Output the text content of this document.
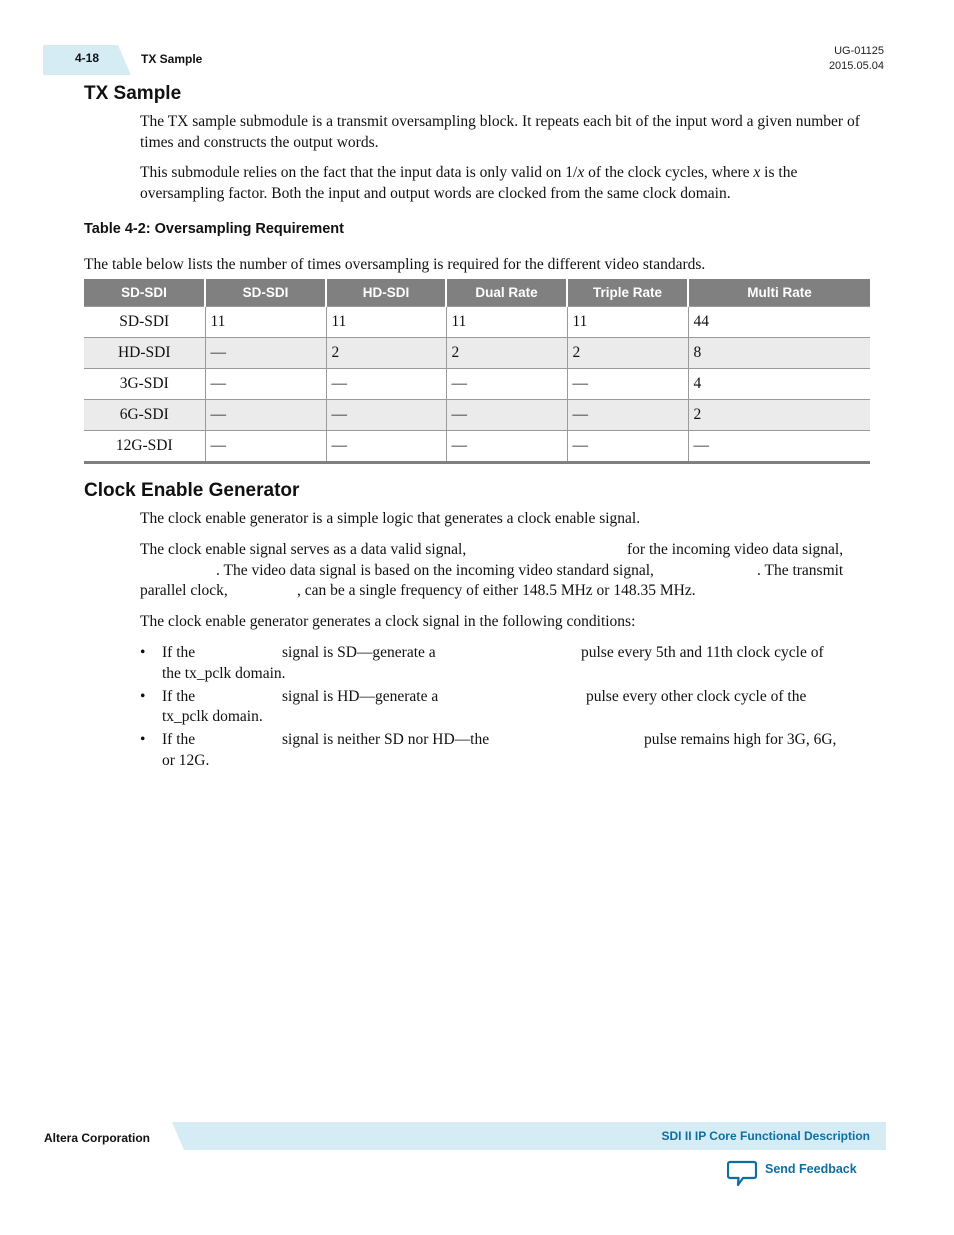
4-18	TX Sample
UG-01125
2015.05.04
TX Sample

The TX sample submodule is a transmit oversampling block. It repeats each bit of the input word a given number of times and constructs the output words.

This submodule relies on the fact that the input data is only valid on 1/x of the clock cycles, where x is the oversampling factor. Both the input and output words are clocked from the same clock domain.

Table 4-2: Oversampling Requirement

The table below lists the number of times oversampling is required for the different video standards.

SD-SDI	SD-SDI	HD-SDI	Dual Rate	Triple Rate	Multi Rate
SD-SDI	11	11	11	11	44
HD-SDI	—	2	2	2	8
3G-SDI	—	—	—	—	4
6G-SDI	—	—	—	—	2
12G-SDI	—	—	—	—	—
Clock Enable Generator

The clock enable generator is a simple logic that generates a clock enable signal.

The clock enable signal serves as a data valid signal,	for the incoming video data signal,
. The video data signal is based on the incoming video standard signal,	. The transmit
parallel clock,	, can be a single frequency of either 148.5 MHz or 148.35 MHz.

The clock enable generator generates a clock signal in the following conditions:

• If the	signal is SD—generate a	pulse every 5th and 11th clock cycle of
the tx_pclk domain.
• If the	signal is HD—generate a	pulse every other clock cycle of the
tx_pclk domain.
• If the	signal is neither SD nor HD—the	pulse remains high for 3G, 6G,
or 12G.
Altera Corporation	SDI II IP Core Functional Description
Send Feedback
